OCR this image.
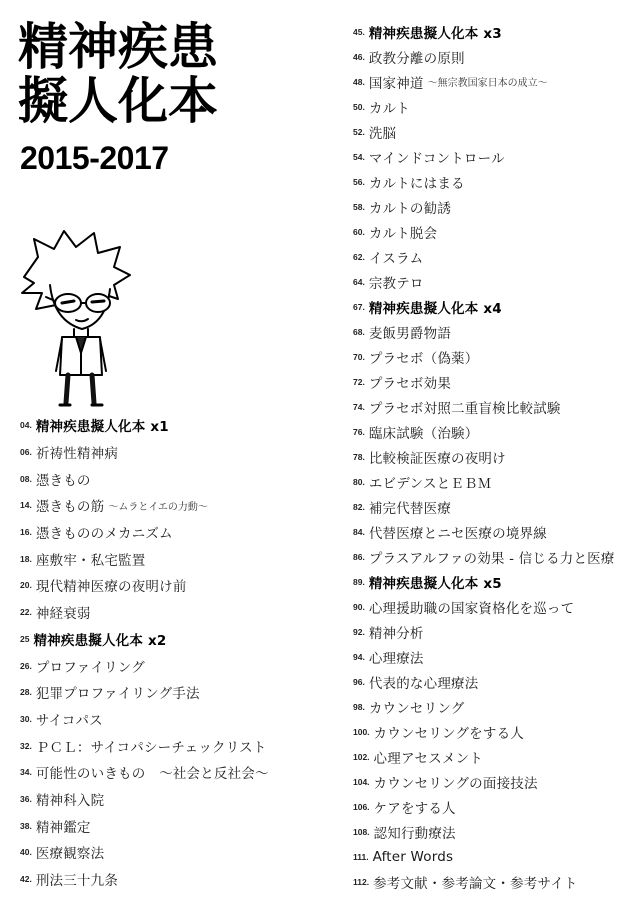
精神疾患
擬人化本
2015-2017
04. 精神疾患擬人化本 x1
06. 祈祷性精神病
08. 憑きもの
14. 憑きもの筋 〜ムラとイエの力動〜
16. 憑きもののメカニズム
18. 座敷牢・私宅監置
20. 現代精神医療の夜明け前
22. 神経衰弱
25 精神疾患擬人化本 x2
26. プロファイリング
28. 犯罪プロファイリング手法
30. サイコパス
32. ＰＣＬ：サイコパシーチェックリスト
34. 可能性のいきもの　〜社会と反社会〜
36. 精神科入院
38. 精神鑑定
40. 医療観察法
42. 刑法三十九条
45. 精神疾患擬人化本 x3
46. 政教分離の原則
48. 国家神道 〜無宗教国家日本の成立〜
50. カルト
52. 洗脳
54. マインドコントロール
56. カルトにはまる
58. カルトの勧誘
60. カルト脱会
62. イスラム
64. 宗教テロ
67. 精神疾患擬人化本 x4
68. 麦飯男爵物語
70. プラセボ（偽薬）
72. プラセボ効果
74. プラセボ対照二重盲検比較試験
76. 臨床試験（治験）
78. 比較検証医療の夜明け
80. エビデンスとＥＢＭ
82. 補完代替医療
84. 代替医療とニセ医療の境界線
86. プラスアルファの効果 - 信じる力と医療
89. 精神疾患擬人化本 x5
90. 心理援助職の国家資格化を巡って
92. 精神分析
94. 心理療法
96. 代表的な心理療法
98. カウンセリング
100. カウンセリングをする人
102. 心理アセスメント
104. カウンセリングの面接技法
106. ケアをする人
108. 認知行動療法
111. After Words
112. 参考文献・参考論文・参考サイト
